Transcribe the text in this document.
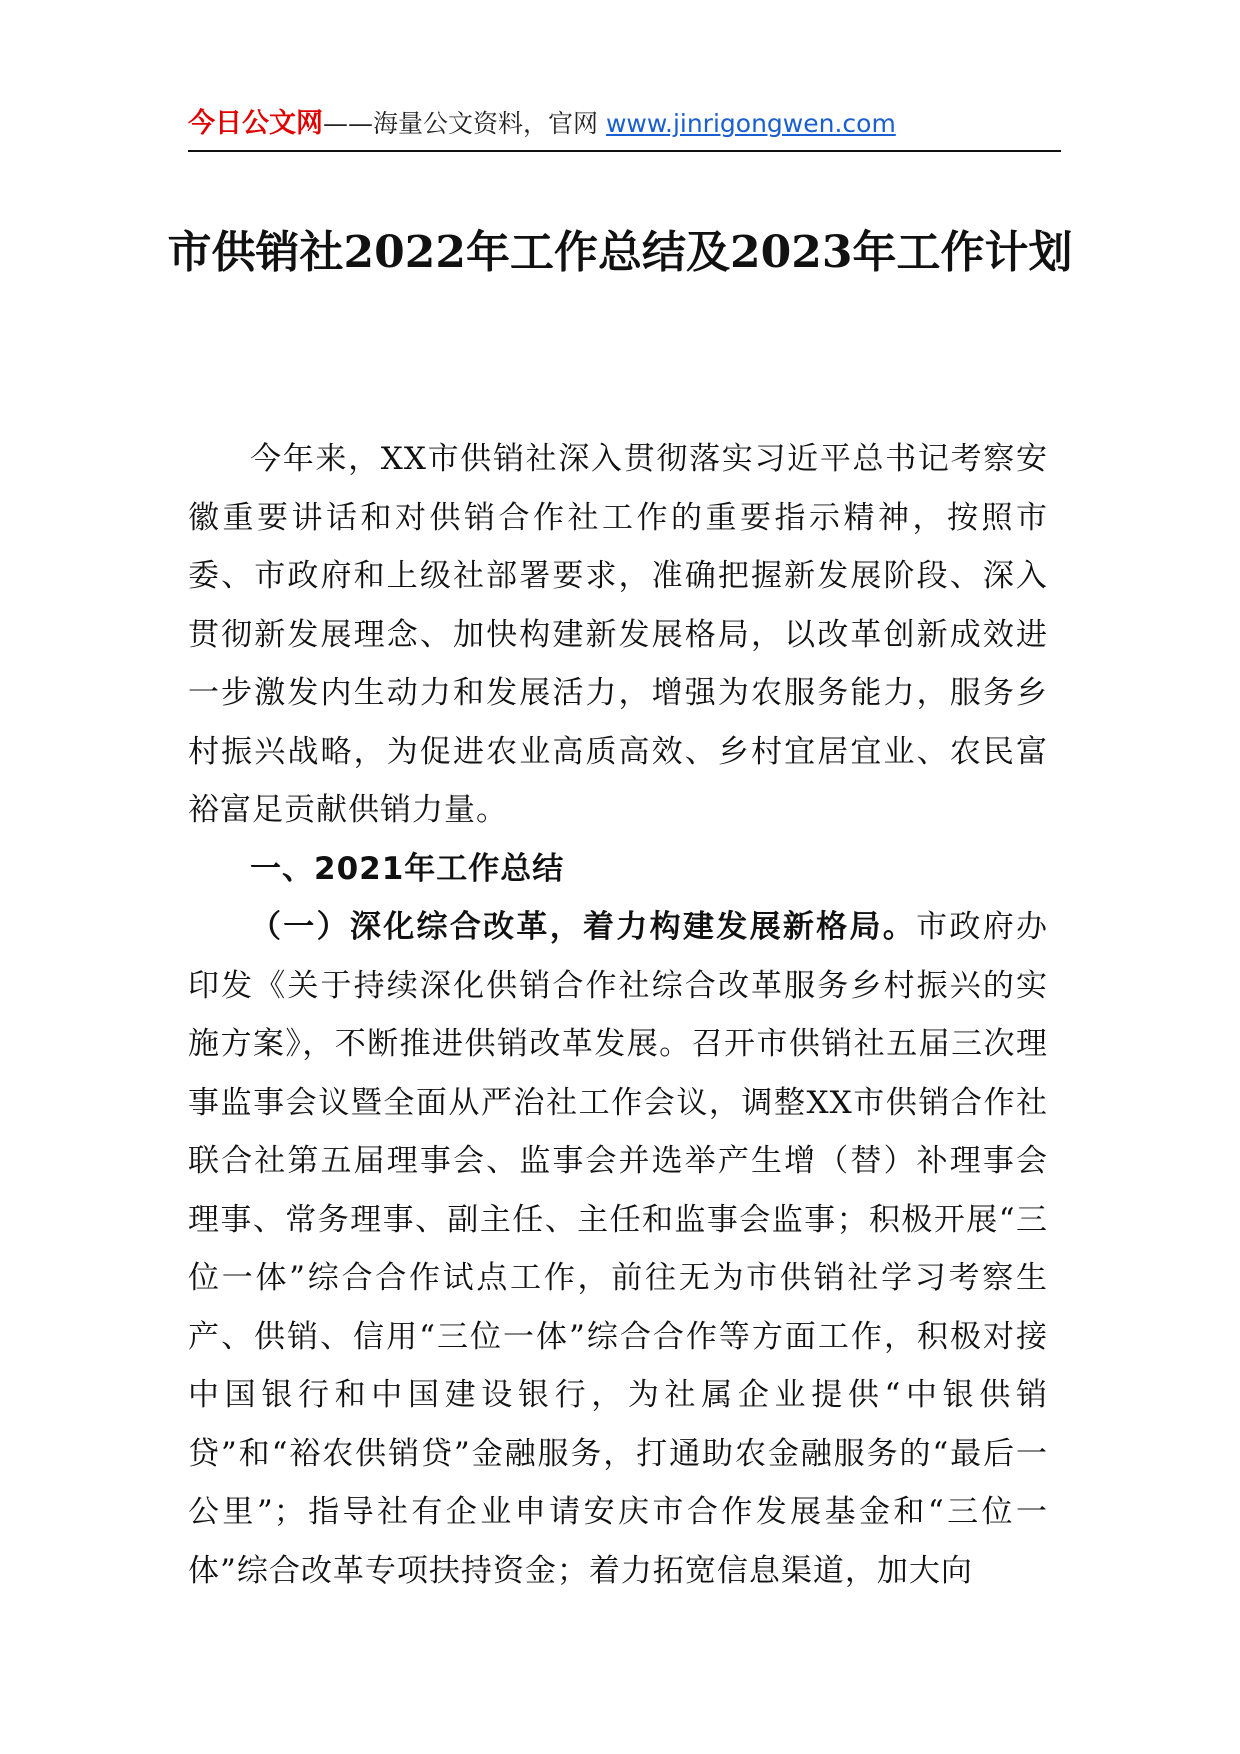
今日公文网——海量公文资料，官网 www.jinrigongwen.com
市供销社2022年工作总结及2023年工作计划

今年来，XX市供销社深入贯彻落实习近平总书记考察安徽重要讲话和对供销合作社工作的重要指示精神，按照市委、市政府和上级社部署要求，准确把握新发展阶段、深入贯彻新发展理念、加快构建新发展格局，以改革创新成效进一步激发内生动力和发展活力，增强为农服务能力，服务乡村振兴战略，为促进农业高质高效、乡村宜居宜业、农民富裕富足贡献供销力量。

一、2021年工作总结

（一）深化综合改革，着力构建发展新格局。市政府办印发《关于持续深化供销合作社综合改革服务乡村振兴的实施方案》，不断推进供销改革发展。召开市供销社五届三次理事监事会议暨全面从严治社工作会议，调整XX市供销合作社联合社第五届理事会、监事会并选举产生增（替）补理事会理事、常务理事、副主任、主任和监事会监事；积极开展“三位一体”综合合作试点工作，前往无为市供销社学习考察生产、供销、信用“三位一体”综合合作等方面工作，积极对接中国银行和中国建设银行，为社属企业提供“中银供销贷”和“裕农供销贷”金融服务，打通助农金融服务的“最后一公里”；指导社有企业申请安庆市合作发展基金和“三位一体”综合改革专项扶持资金；着力拓宽信息渠道，加大向
